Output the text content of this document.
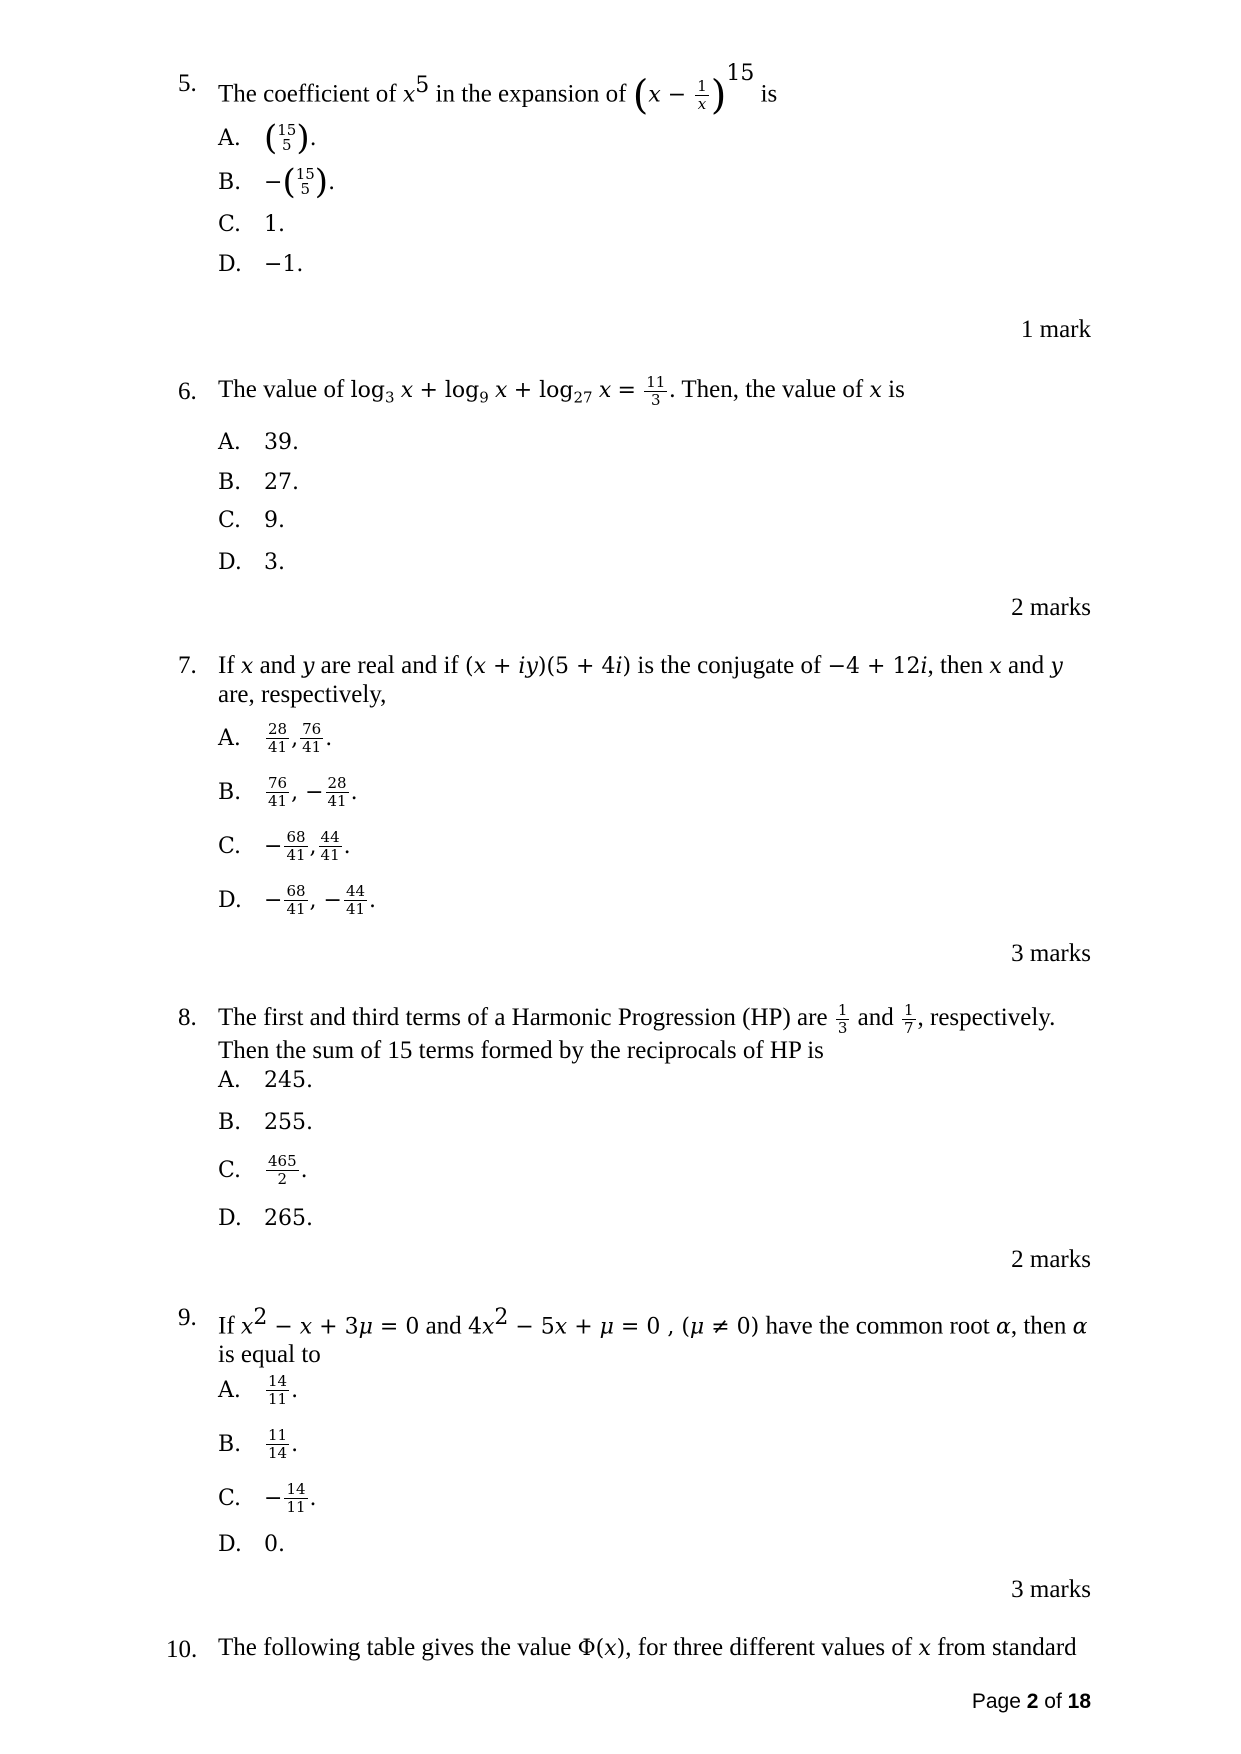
5. The coefficient of $x^5$ in the expansion of $(x - \frac{1}{x} )^{15}$ is
A. ( 15
5 ) .
B.	− ( 15
5 ) .
C.	1.
D.	−1.
1 mark
6. The value of $\log_3 x + \log_9 x + \log_{27} x = \frac{11}{3}$ . Then, the value of x is
A.	39.
B.	27.
C.	9.
D.	3.
2 marks
7. If x and y are real and if (x + iy)(5 + 4i) is the conjugate of −4 + 12i, then x and y
are, respectively,
A.	$\frac{28}{41}$ , $\frac{76}{41}$ .
B.	$\frac{76}{41}$ , − $\frac{28}{41}$ .
C.	− $\frac{68}{41}$ , $\frac{44}{41}$ .
D.	− $\frac{68}{41}$ , − $\frac{44}{41}$ .
3 marks
8. The first and third terms of a Harmonic Progression (HP) are $\frac{1}{3}$ and $\frac{1}{7}$ , respectively.
Then the sum of 15 terms formed by the reciprocals of HP is
A.	245.
B.	255.
C.	$\frac{465}{2}$ .
D.	265.
2 marks
9. If $x^2 - x + 3\mu = 0$ and $4x^2 - 5x + \mu = 0$ , (μ ≠ 0) have the common root α, then α
is equal to
A.	$\frac{14}{11}$ .
B.	$\frac{11}{14}$ .
C.	− $\frac{14}{11}$ .
D.	0.
3 marks
10. The following table gives the value Φ(x), for three different values of x from standard
Page 2 of 18
